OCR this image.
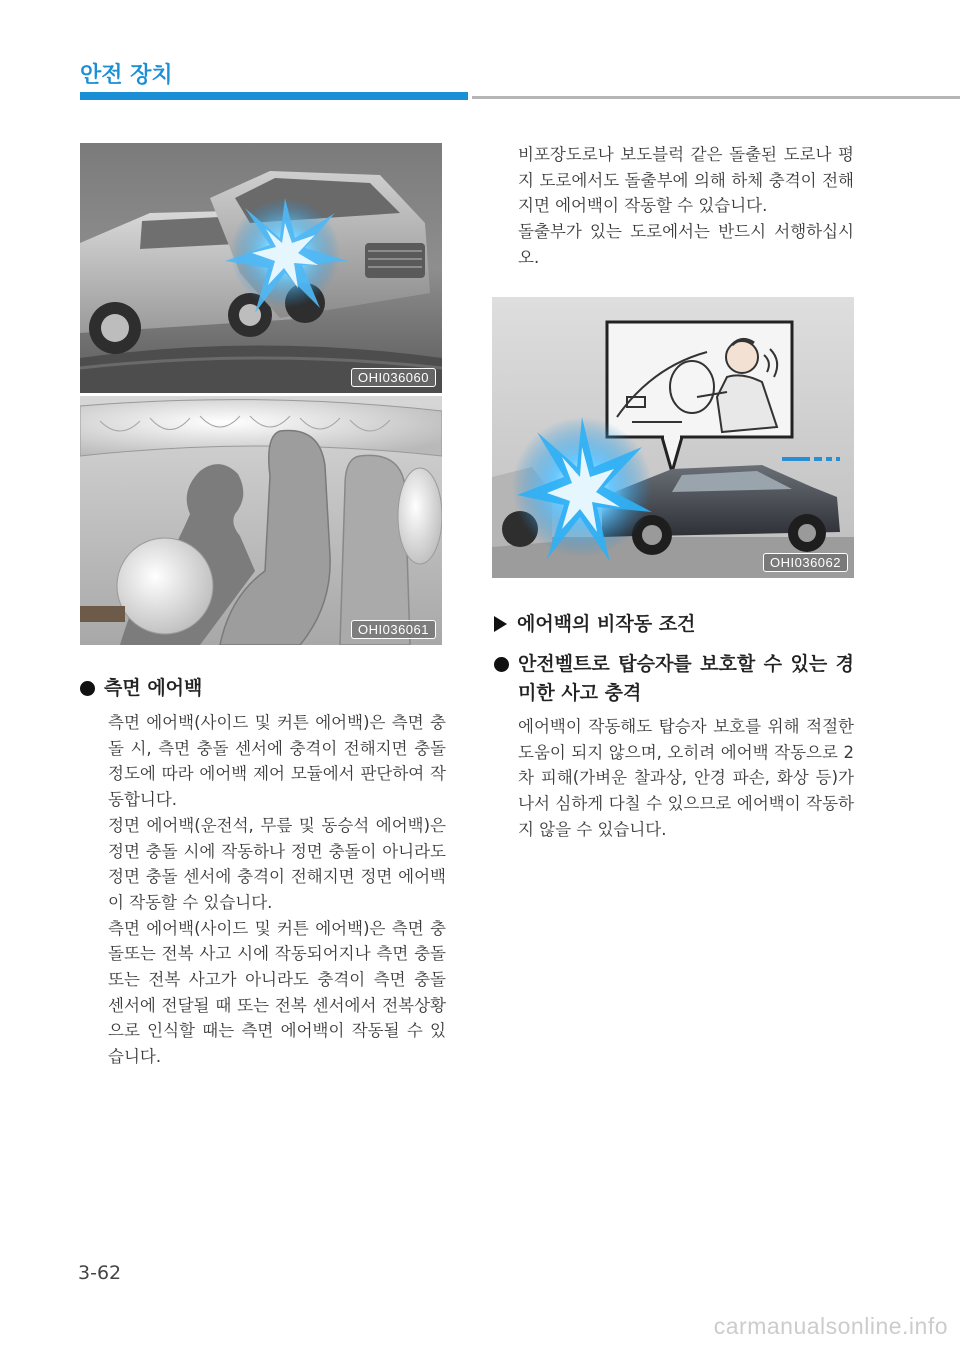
안전 장치
OHI036060
OHI036061
OHI036062
측면 에어백

측면 에어백(사이드 및 커튼 에어백)은 측면 충돌 시, 측면 충돌 센서에 충격이 전해지면 충돌 정도에 따라 에어백 제어 모듈에서 판단하여 작동합니다.

정면 에어백(운전석, 무릎 및 동승석 에어백)은 정면 충돌 시에 작동하나 정면 충돌이 아니라도 정면 충돌 센서에 충격이 전해지면 정면 에어백이 작동할 수 있습니다.

측면 에어백(사이드 및 커튼 에어백)은 측면 충돌또는 전복 사고 시에 작동되어지나 측면 충돌 또는 전복 사고가 아니라도 충격이 측면 충돌 센서에 전달될 때 또는 전복 센서에서 전복상황으로 인식할 때는 측면 에어백이 작동될 수 있습니다.

비포장도로나 보도블럭 같은 돌출된 도로나 평지 도로에서도 돌출부에 의해 하체 충격이 전해지면 에어백이 작동할 수 있습니다.

돌출부가 있는 도로에서는 반드시 서행하십시오.

에어백의 비작동 조건
안전벨트로 탑승자를 보호할 수 있는 경미한 사고 충격

에어백이 작동해도 탑승자 보호를 위해 적절한 도움이 되지 않으며, 오히려 에어백 작동으로 2차 피해(가벼운 찰과상, 안경 파손, 화상 등)가 나서 심하게 다칠 수 있으므로 에어백이 작동하지 않을 수 있습니다.

3-62
carmanualsonline.info
